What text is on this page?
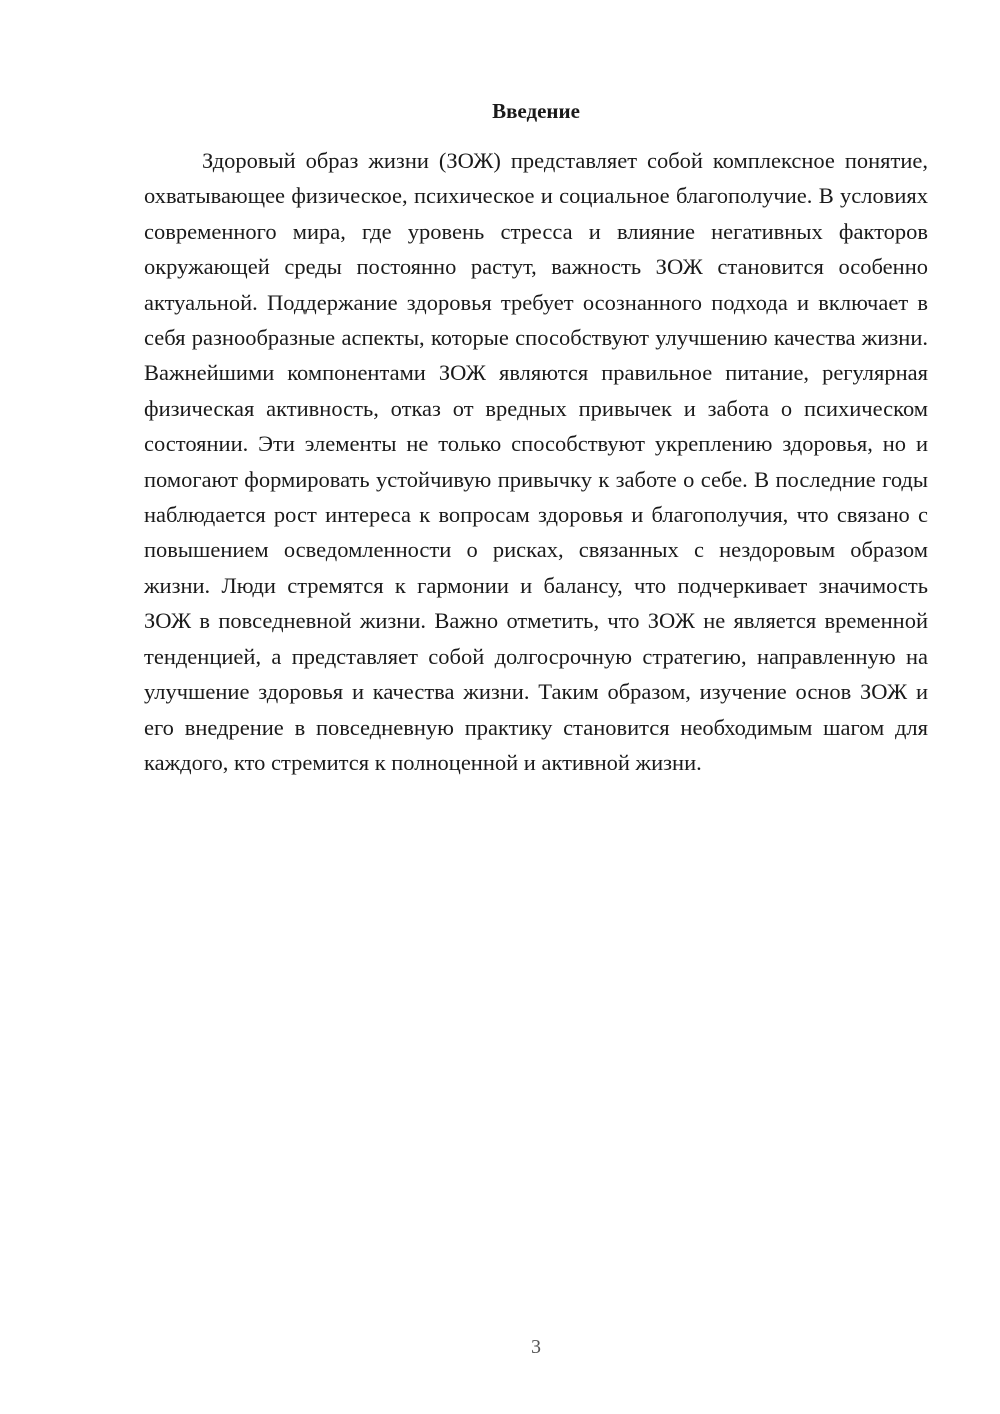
Введение

Здоровый образ жизни (ЗОЖ) представляет собой комплексное понятие, охватывающее физическое, психическое и социальное благополучие. В условиях современного мира, где уровень стресса и влияние негативных факторов окружающей среды постоянно растут, важность ЗОЖ становится особенно актуальной. Поддержание здоровья требует осознанного подхода и включает в себя разнообразные аспекты, которые способствуют улучшению качества жизни. Важнейшими компонентами ЗОЖ являются правильное питание, регулярная физическая активность, отказ от вредных привычек и забота о психическом состоянии. Эти элементы не только способствуют укреплению здоровья, но и помогают формировать устойчивую привычку к заботе о себе. В последние годы наблюдается рост интереса к вопросам здоровья и благополучия, что связано с повышением осведомленности о рисках, связанных с нездоровым образом жизни. Люди стремятся к гармонии и балансу, что подчеркивает значимость ЗОЖ в повседневной жизни. Важно отметить, что ЗОЖ не является временной тенденцией, а представляет собой долгосрочную стратегию, направленную на улучшение здоровья и качества жизни. Таким образом, изучение основ ЗОЖ и его внедрение в повседневную практику становится необходимым шагом для каждого, кто стремится к полноценной и активной жизни.

3
